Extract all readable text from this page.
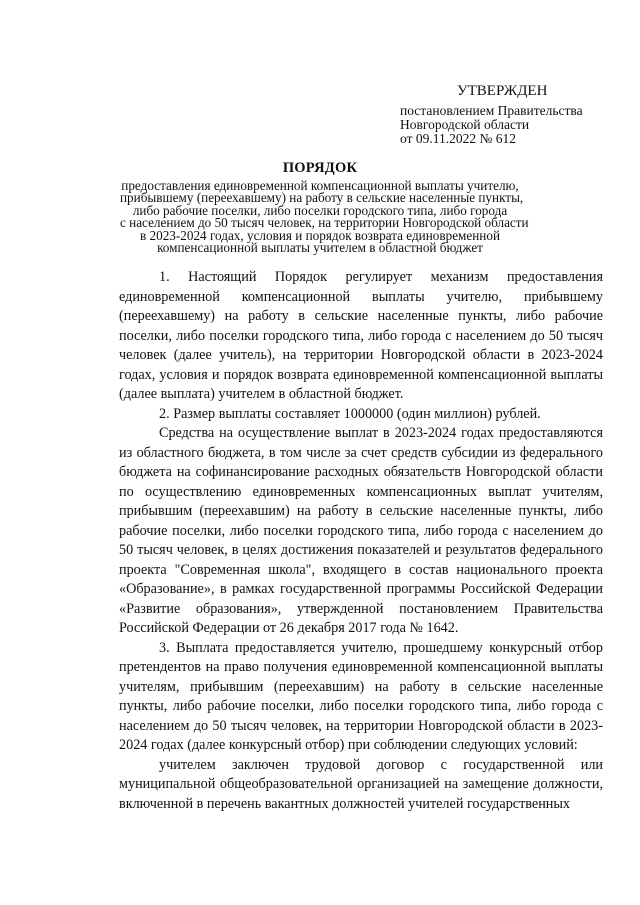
УТВЕРЖДЕН
постановлением Правительства
Новгородской области
от 09.11.2022 № 612
ПОРЯДОК
предоставления единовременной компенсационной выплаты учителю,
прибывшему (переехавшему) на работу в сельские населенные пункты,
либо рабочие поселки, либо поселки городского типа, либо города
с населением до 50 тысяч человек, на территории Новгородской области
в 2023-2024 годах, условия и порядок возврата единовременной
компенсационной выплаты учителем в областной бюджет

1. Настоящий Порядок регулирует механизм предоставления единовременной компенсационной выплаты учителю, прибывшему (переехавшему) на работу в сельские населенные пункты, либо рабочие поселки, либо поселки городского типа, либо города с населением до 50 тысяч человек (далее учитель), на территории Новгородской области в 2023-2024 годах, условия и порядок возврата единовременной компенсационной выплаты (далее выплата) учителем в областной бюджет.

2. Размер выплаты составляет 1000000 (один миллион) рублей.

Средства на осуществление выплат в 2023-2024 годах предоставляются из областного бюджета, в том числе за счет средств субсидии из федерального бюджета на софинансирование расходных обязательств Новгородской области по осуществлению единовременных компенсационных выплат учителям, прибывшим (переехавшим) на работу в сельские населенные пункты, либо рабочие поселки, либо поселки городского типа, либо города с населением до 50 тысяч человек, в целях достижения показателей и результатов федерального проекта "Современная школа", входящего в состав национального проекта «Образование», в рамках государственной программы Российской Федерации «Развитие образования», утвержденной постановлением Правительства Российской Федерации от 26 декабря 2017 года № 1642.

3. Выплата предоставляется учителю, прошедшему конкурсный отбор претендентов на право получения единовременной компенсационной выплаты учителям, прибывшим (переехавшим) на работу в сельские населенные пункты, либо рабочие поселки, либо поселки городского типа, либо города с населением до 50 тысяч человек, на территории Новгородской области в 2023-2024 годах (далее конкурсный отбор) при соблюдении следующих условий:

учителем заключен трудовой договор с государственной или муниципальной общеобразовательной организацией на замещение должности, включенной в перечень вакантных должностей учителей государственных
